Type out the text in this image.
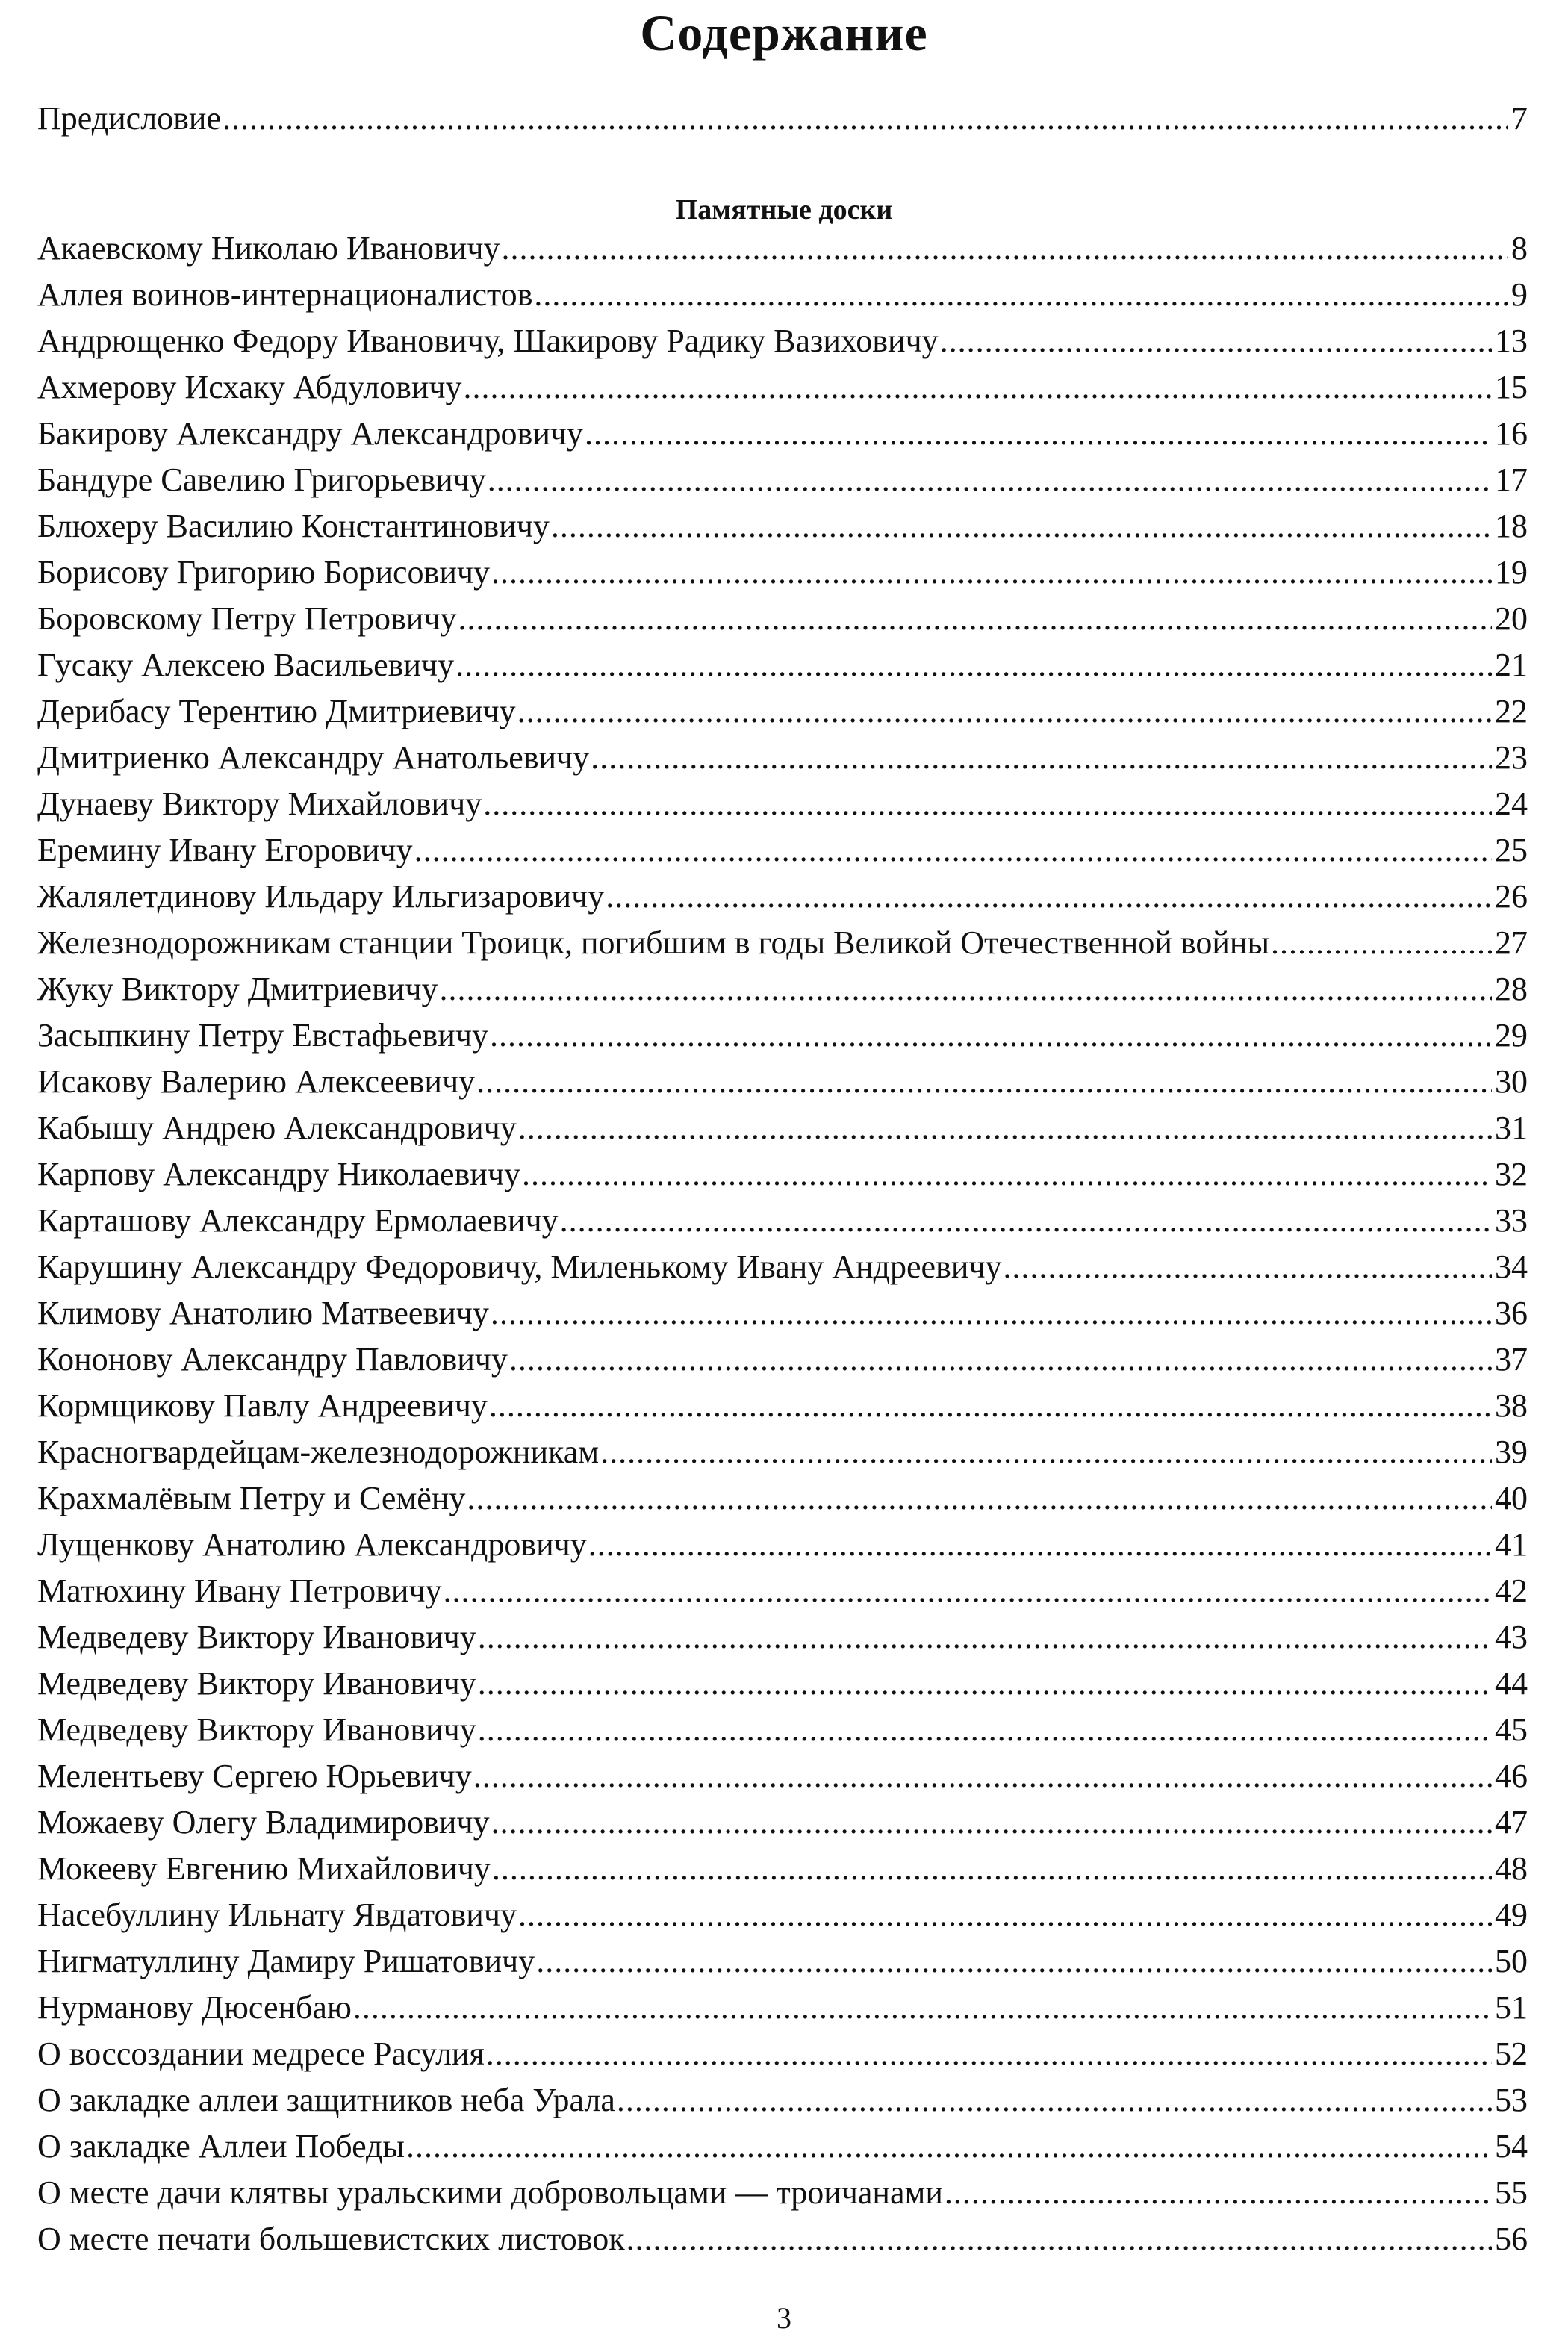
Содержание
Предисловие .....	7
Памятные доски
Акаевскому Николаю Ивановичу .....	8
Аллея воинов-интернационалистов .....	9
Андрющенко Федору Ивановичу, Шакирову Радику Вазиховичу .....	13
Ахмерову Исхаку Абдуловичу .....	15
Бакирову Александру Александровичу .....	16
Бандуре Савелию Григорьевичу .....	17
Блюхеру Василию Константиновичу .....	18
Борисову Григорию Борисовичу .....	19
Боровскому Петру Петровичу .....	20
Гусаку Алексею Васильевичу .....	21
Дерибасу Терентию Дмитриевичу .....	22
Дмитриенко Александру Анатольевичу .....	23
Дунаеву Виктору Михайловичу .....	24
Еремину Ивану Егоровичу .....	25
Жалялетдинову Ильдару Ильгизаровичу .....	26
Железнодорожникам станции Троицк, погибшим в годы Великой Отечественной войны .....	27
Жуку Виктору Дмитриевичу .....	28
Засыпкину Петру Евстафьевичу .....	29
Исакову Валерию Алексеевичу .....	30
Кабышу Андрею Александровичу .....	31
Карпову Александру Николаевичу .....	32
Карташову Александру Ермолаевичу .....	33
Карушину Александру Федоровичу, Миленькому Ивану Андреевичу .....	34
Климову Анатолию Матвеевичу .....	36
Кононову Александру Павловичу .....	37
Кормщикову Павлу Андреевичу .....	38
Красногвардейцам-железнодорожникам .....	39
Крахмалёвым Петру и Семёну .....	40
Лущенкову Анатолию Александровичу .....	41
Матюхину Ивану Петровичу .....	42
Медведеву Виктору Ивановичу .....	43
Медведеву Виктору Ивановичу .....	44
Медведеву Виктору Ивановичу .....	45
Мелентьеву Сергею Юрьевичу .....	46
Можаеву Олегу Владимировичу .....	47
Мокееву Евгению Михайловичу .....	48
Насебуллину Ильнату Явдатовичу .....	49
Нигматуллину Дамиру Ришатовичу .....	50
Нурманову Дюсенбаю .....	51
О воссоздании медресе Расулия .....	52
О закладке аллеи защитников неба Урала .....	53
О закладке Аллеи Победы .....	54
О месте дачи клятвы уральскими добровольцами — троичанами .....	55
О месте печати большевистских листовок .....	56
3
